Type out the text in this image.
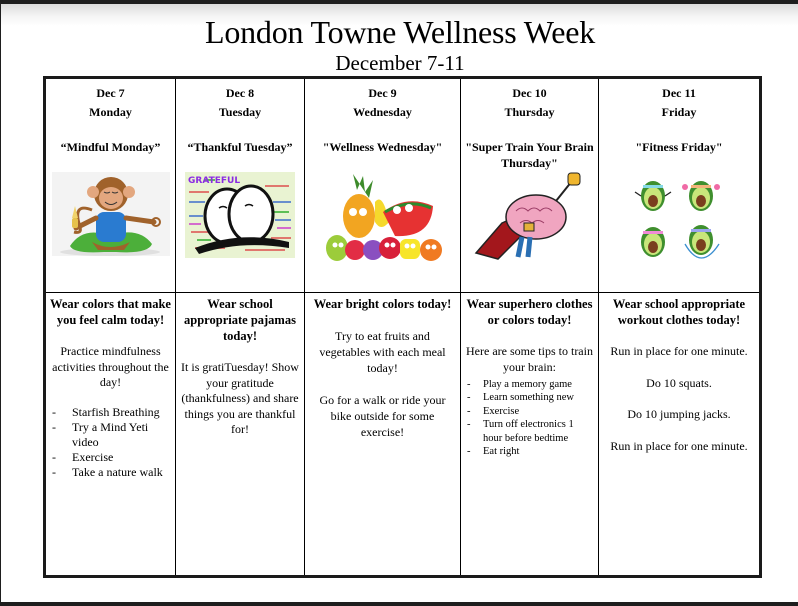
London Towne Wellness Week
December 7-11
Dec 7
Monday
“Mindful Monday”

Dec 8
Tuesday
“Thankful Tuesday”
GRATEFUL

Dec 9
Wednesday
"Wellness Wednesday"

Dec 10
Thursday
"Super Train Your Brain Thursday"

Dec 11
Friday
"Fitness Friday"

Wear colors that make you feel calm today!
Practice mindfulness activities throughout the day!
- Starfish Breathing
- Try a Mind Yeti video
- Exercise
- Take a nature walk

Wear school appropriate pajamas today!
It is gratiTuesday! Show your gratitude (thankfulness) and share things you are thankful for!

Wear bright colors today!
Try to eat fruits and vegetables with each meal today!
Go for a walk or ride your bike outside for some exercise!

Wear superhero clothes or colors today!
Here are some tips to train your brain:
- Play a memory game
- Learn something new
- Exercise
- Turn off electronics 1 hour before bedtime
- Eat right

Wear school appropriate workout clothes today!

Run in place for one minute.

Do 10 squats.

Do 10 jumping jacks.

Run in place for one minute.
